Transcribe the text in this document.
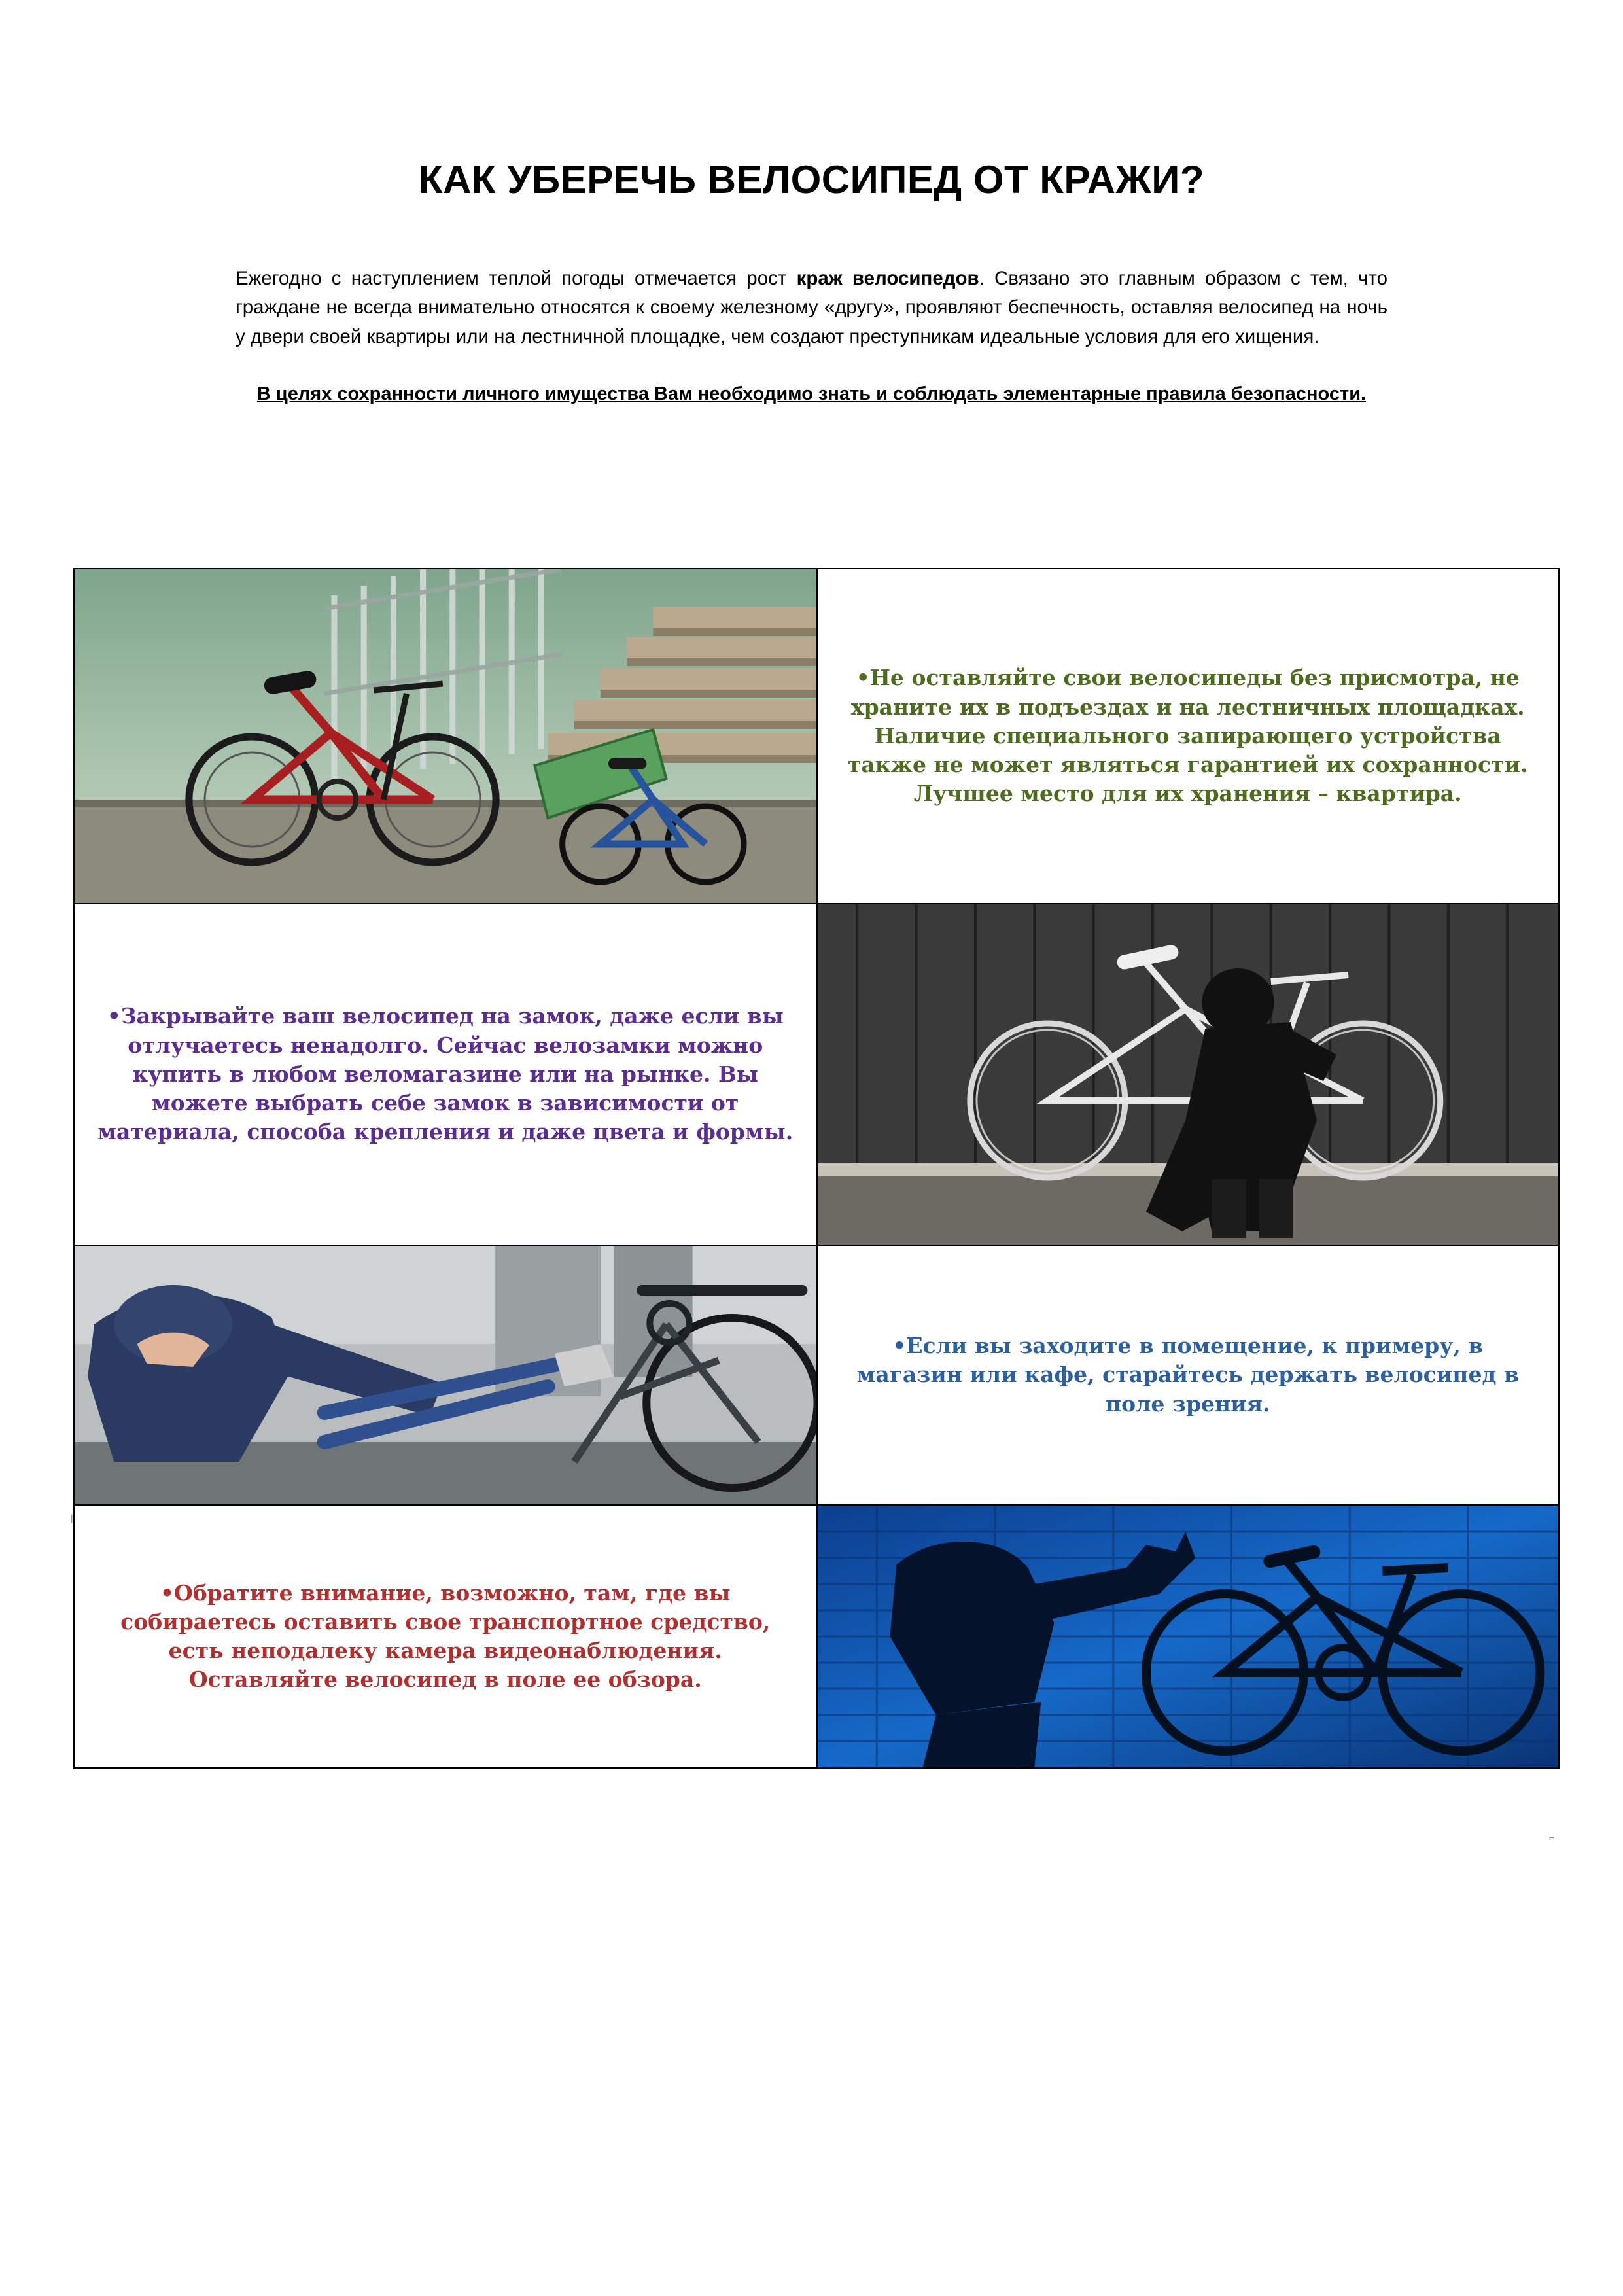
КАК УБЕРЕЧЬ ВЕЛОСИПЕД ОТ КРАЖИ?

Ежегодно с наступлением теплой погоды отмечается рост краж велосипедов. Связано это главным образом с тем, что граждане не всегда внимательно относятся к своему железному «другу», проявляют беспечность, оставляя велосипед на ночь у двери своей квартиры или на лестничной площадке, чем создают преступникам идеальные условия для его хищения.

В целях сохранности личного имущества Вам необходимо знать и соблюдать элементарные правила безопасности.

•Не оставляйте свои велосипеды без присмотра, не храните их в подъездах и на лестничных площадках. Наличие специального запирающего устройства также не может являться гарантией их сохранности. Лучшее место для их хранения – квартира.

•Закрывайте ваш велосипед на замок, даже если вы отлучаетесь ненадолго. Сейчас велозамки можно купить в любом веломагазине или на рынке. Вы можете выбрать себе замок в зависимости от материала, способа крепления и даже цвета и формы.

•Если вы заходите в помещение, к примеру, в магазин или кафе, старайтесь держать велосипед в поле зрения.

•Обратите внимание, возможно, там, где вы собираетесь оставить свое транспортное средство, есть неподалеку камера видеонаблюдения. Оставляйте велосипед в поле ее обзора.

|
⌐
